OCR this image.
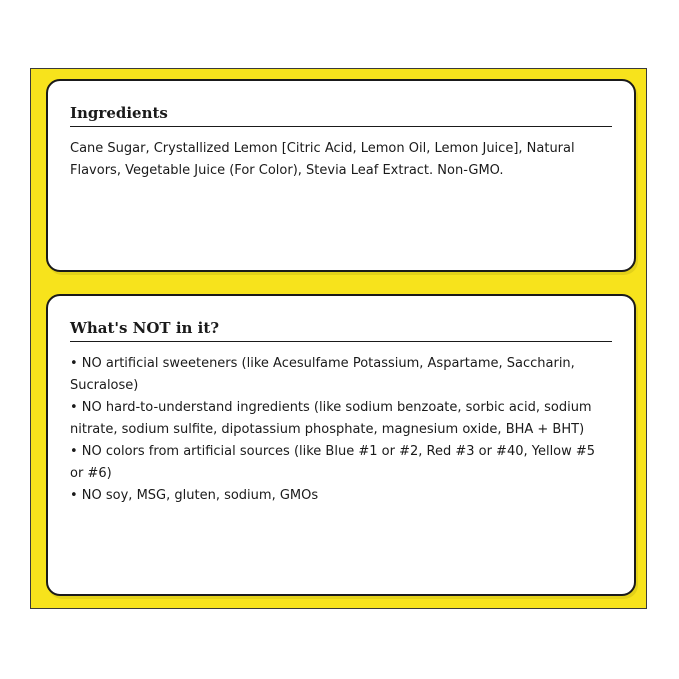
Ingredients

Cane Sugar, Crystallized Lemon [Citric Acid, Lemon Oil, Lemon Juice], Natural Flavors, Vegetable Juice (For Color), Stevia Leaf Extract. Non-GMO.

What's NOT in it?
• NO artificial sweeteners (like Acesulfame Potassium, Aspartame, Saccharin, Sucralose)
• NO hard-to-understand ingredients (like sodium benzoate, sorbic acid, sodium nitrate, sodium sulfite, dipotassium phosphate, magnesium oxide, BHA + BHT)
• NO colors from artificial sources (like Blue #1 or #2, Red #3 or #40, Yellow #5 or #6)
• NO soy, MSG, gluten, sodium, GMOs
